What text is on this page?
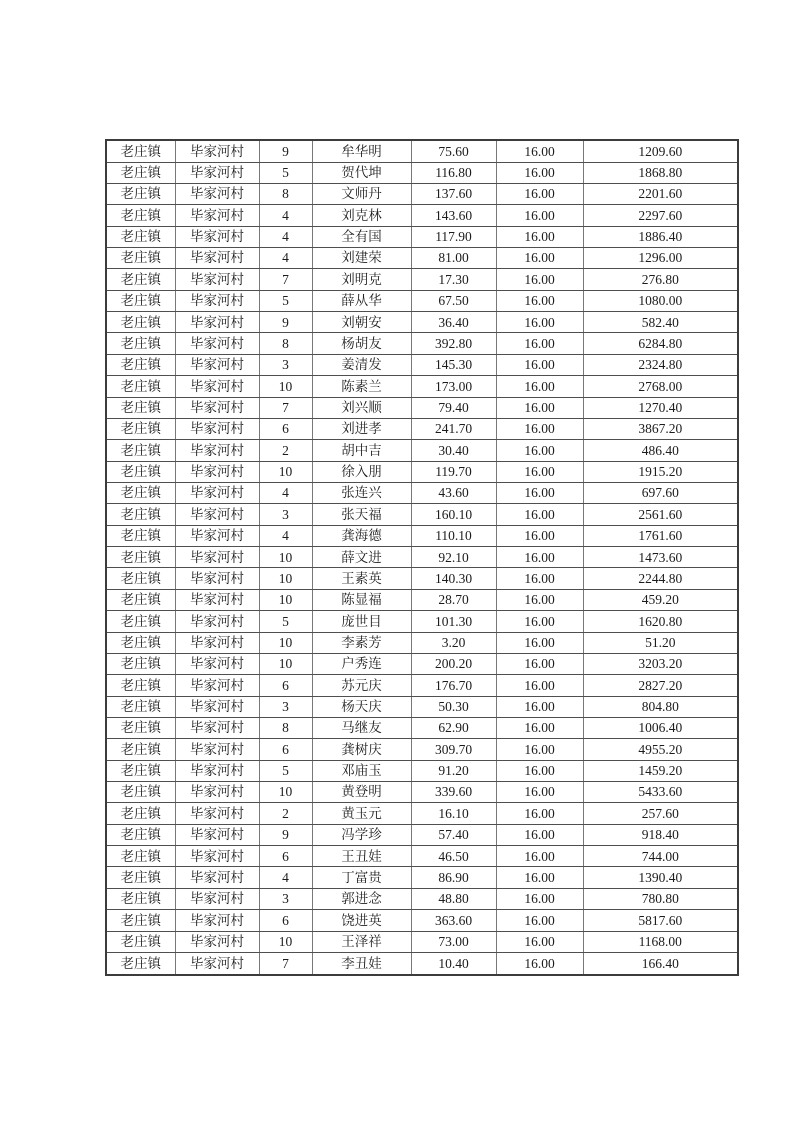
老庄镇	毕家河村	9	牟华明	75.60	16.00	1209.60
老庄镇	毕家河村	5	贺代坤	116.80	16.00	1868.80
老庄镇	毕家河村	8	文师丹	137.60	16.00	2201.60
老庄镇	毕家河村	4	刘克林	143.60	16.00	2297.60
老庄镇	毕家河村	4	全有国	117.90	16.00	1886.40
老庄镇	毕家河村	4	刘建荣	81.00	16.00	1296.00
老庄镇	毕家河村	7	刘明克	17.30	16.00	276.80
老庄镇	毕家河村	5	薛从华	67.50	16.00	1080.00
老庄镇	毕家河村	9	刘朝安	36.40	16.00	582.40
老庄镇	毕家河村	8	杨胡友	392.80	16.00	6284.80
老庄镇	毕家河村	3	姜清发	145.30	16.00	2324.80
老庄镇	毕家河村	10	陈素兰	173.00	16.00	2768.00
老庄镇	毕家河村	7	刘兴顺	79.40	16.00	1270.40
老庄镇	毕家河村	6	刘进孝	241.70	16.00	3867.20
老庄镇	毕家河村	2	胡中吉	30.40	16.00	486.40
老庄镇	毕家河村	10	徐入朋	119.70	16.00	1915.20
老庄镇	毕家河村	4	张连兴	43.60	16.00	697.60
老庄镇	毕家河村	3	张天福	160.10	16.00	2561.60
老庄镇	毕家河村	4	龚海德	110.10	16.00	1761.60
老庄镇	毕家河村	10	薛文进	92.10	16.00	1473.60
老庄镇	毕家河村	10	王素英	140.30	16.00	2244.80
老庄镇	毕家河村	10	陈显福	28.70	16.00	459.20
老庄镇	毕家河村	5	庞世目	101.30	16.00	1620.80
老庄镇	毕家河村	10	李素芳	3.20	16.00	51.20
老庄镇	毕家河村	10	户秀连	200.20	16.00	3203.20
老庄镇	毕家河村	6	苏元庆	176.70	16.00	2827.20
老庄镇	毕家河村	3	杨天庆	50.30	16.00	804.80
老庄镇	毕家河村	8	马继友	62.90	16.00	1006.40
老庄镇	毕家河村	6	龚树庆	309.70	16.00	4955.20
老庄镇	毕家河村	5	邓庙玉	91.20	16.00	1459.20
老庄镇	毕家河村	10	黄登明	339.60	16.00	5433.60
老庄镇	毕家河村	2	黄玉元	16.10	16.00	257.60
老庄镇	毕家河村	9	冯学珍	57.40	16.00	918.40
老庄镇	毕家河村	6	王丑娃	46.50	16.00	744.00
老庄镇	毕家河村	4	丁富贵	86.90	16.00	1390.40
老庄镇	毕家河村	3	郭进念	48.80	16.00	780.80
老庄镇	毕家河村	6	饶进英	363.60	16.00	5817.60
老庄镇	毕家河村	10	王泽祥	73.00	16.00	1168.00
老庄镇	毕家河村	7	李丑娃	10.40	16.00	166.40
